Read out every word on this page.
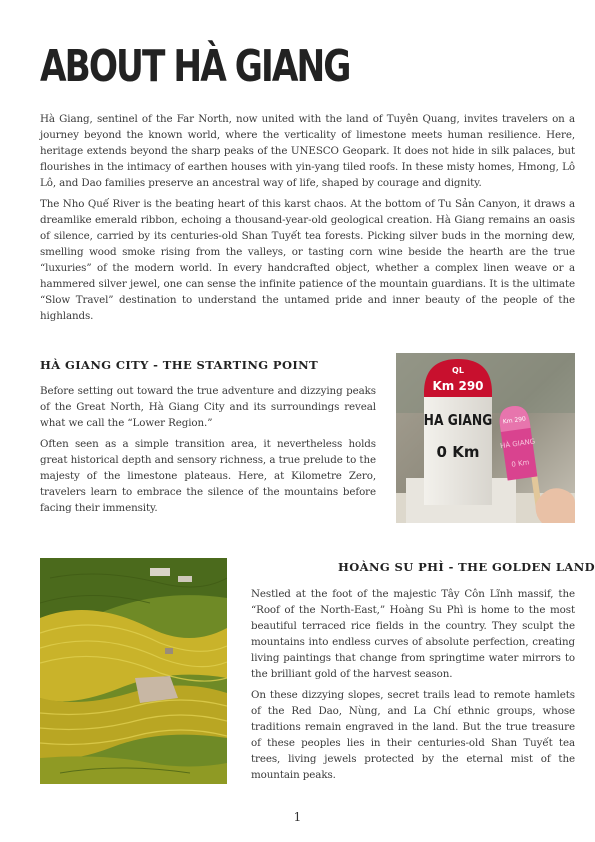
ABOUT HÀ GIANG

Hà Giang, sentinel of the Far North, now united with the land of Tuyên Quang, invites travelers on a journey beyond the known world, where the verticality of limestone meets human resilience. Here, heritage extends beyond the sharp peaks of the UNESCO Geopark. It does not hide in silk palaces, but flourishes in the intimacy of earthen houses with yin-yang tiled roofs. In these misty homes, Hmong, Lô Lô, and Dao families preserve an ancestral way of life, shaped by courage and dignity.

The Nho Quế River is the beating heart of this karst chaos. At the bottom of Tu Sản Canyon, it draws a dreamlike emerald ribbon, echoing a thousand-year-old geological creation. Hà Giang remains an oasis of silence, carried by its centuries-old Shan Tuyết tea forests. Picking silver buds in the morning dew, smelling wood smoke rising from the valleys, or tasting corn wine beside the hearth are the true “luxuries” of the modern world. In every handcrafted object, whether a complex linen weave or a hammered silver jewel, one can sense the infinite patience of the mountain guardians. It is the ultimate “Slow Travel” destination to understand the untamed pride and inner beauty of the people of the highlands.

HÀ GIANG CITY - THE STARTING POINT

Before setting out toward the true adventure and dizzying peaks of the Great North, Hà Giang City and its surroundings reveal what we call the “Lower Region.”

Often seen as a simple transition area, it nevertheless holds great historical depth and sensory richness, a true prelude to the majesty of the limestone plateaus. Here, at Kilometre Zero, travelers learn to embrace the silence of the mountains before facing their immensity.

QL
Km 290
HA GIANG
0 Km
Km 290
HÀ GIANG
0 Km
HOÀNG SU PHÌ - THE GOLDEN LAND

Nestled at the foot of the majestic Tây Côn Lĩnh massif, the “Roof of the North-East,” Hoàng Su Phì is home to the most beautiful terraced rice fields in the country. They sculpt the mountains into endless curves of absolute perfection, creating living paintings that change from springtime water mirrors to the brilliant gold of the harvest season.

On these dizzying slopes, secret trails lead to remote hamlets of the Red Dao, Nùng, and La Chí ethnic groups, whose traditions remain engraved in the land. But the true treasure of these peoples lies in their centuries-old Shan Tuyết tea trees, living jewels protected by the eternal mist of the mountain peaks.

1
